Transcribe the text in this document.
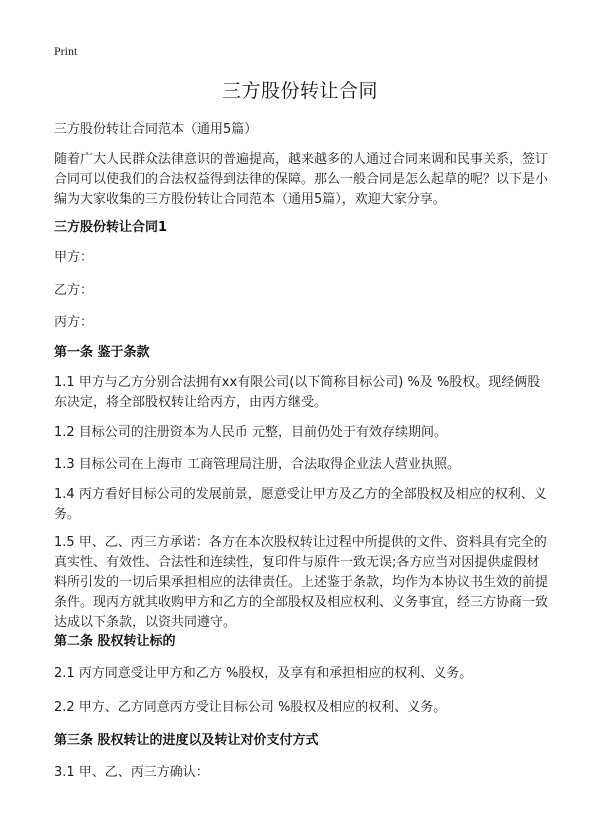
Print
三方股份转让合同
三方股份转让合同范本（通用5篇）
随着广大人民群众法律意识的普遍提高，越来越多的人通过合同来调和民事关系，签订合同可以使我们的合法权益得到法律的保障。那么一般合同是怎么起草的呢？以下是小编为大家收集的三方股份转让合同范本（通用5篇），欢迎大家分享。
三方股份转让合同1
甲方：
乙方：
丙方：
第一条 鉴于条款
1.1 甲方与乙方分别合法拥有xx有限公司(以下简称目标公司) %及 %股权。现经俩股东决定，将全部股权转让给丙方，由丙方继受。
1.2 目标公司的注册资本为人民币 元整，目前仍处于有效存续期间。
1.3 目标公司在上海市 工商管理局注册，合法取得企业法人营业执照。
1.4 丙方看好目标公司的发展前景，愿意受让甲方及乙方的全部股权及相应的权利、义务。
1.5 甲、乙、丙三方承诺：各方在本次股权转让过程中所提供的文件、资料具有完全的真实性、有效性、合法性和连续性，复印件与原件一致无误;各方应当对因提供虚假材料所引发的一切后果承担相应的法律责任。上述鉴于条款，均作为本协议书生效的前提条件。现丙方就其收购甲方和乙方的全部股权及相应权利、义务事宜，经三方协商一致达成以下条款，以资共同遵守。
第二条 股权转让标的
2.1 丙方同意受让甲方和乙方 %股权，及享有和承担相应的权利、义务。
2.2 甲方、乙方同意丙方受让目标公司 %股权及相应的权利、义务。
第三条 股权转让的进度以及转让对价支付方式
3.1 甲、乙、丙三方确认：
